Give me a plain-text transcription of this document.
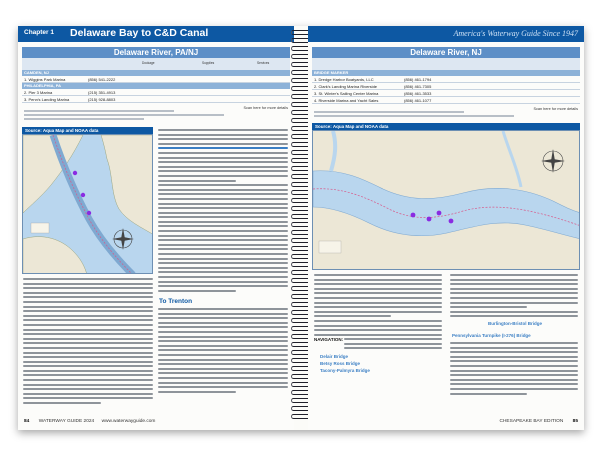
Chapter 1 Delaware Bay to C&D Canal
Delaware River, PA/NJ
Dockage	Supplies	Services
CAMDEN, NJ
1. Wiggins Park Marina	(856) 541-2222
PHILADELPHIA, PA
2. Pier 3 Marina	(215) 351-4913
3. Penn's Landing Marina	(215) 928-8803
Scan here for more details
Source: Aqua Map and NOAA data
To Trenton
84 WATERWAY GUIDE 2024 www.waterwayguide.com
America's Waterway Guide Since 1947
Delaware River, NJ
BRIDGE MARKER
1. Dredge Harbor Boatyards, LLC	(856) 461-1794
2. Clark's Landing Marina Riverside	(856) 461-7305
3. St. Winter's Sailing Center Marina	(856) 461-3533
4. Riverside Marina and Yacht Sales	(856) 461-1077
Scan here for more details
Source: Aqua Map and NOAA data
NAVIGATION:
Delair Bridge
Betsy Ross Bridge
Tacony-Palmyra Bridge
Burlington-Bristol Bridge
Pennsylvania Turnpike (I-276) Bridge
CHESAPEAKE BAY EDITION 85
